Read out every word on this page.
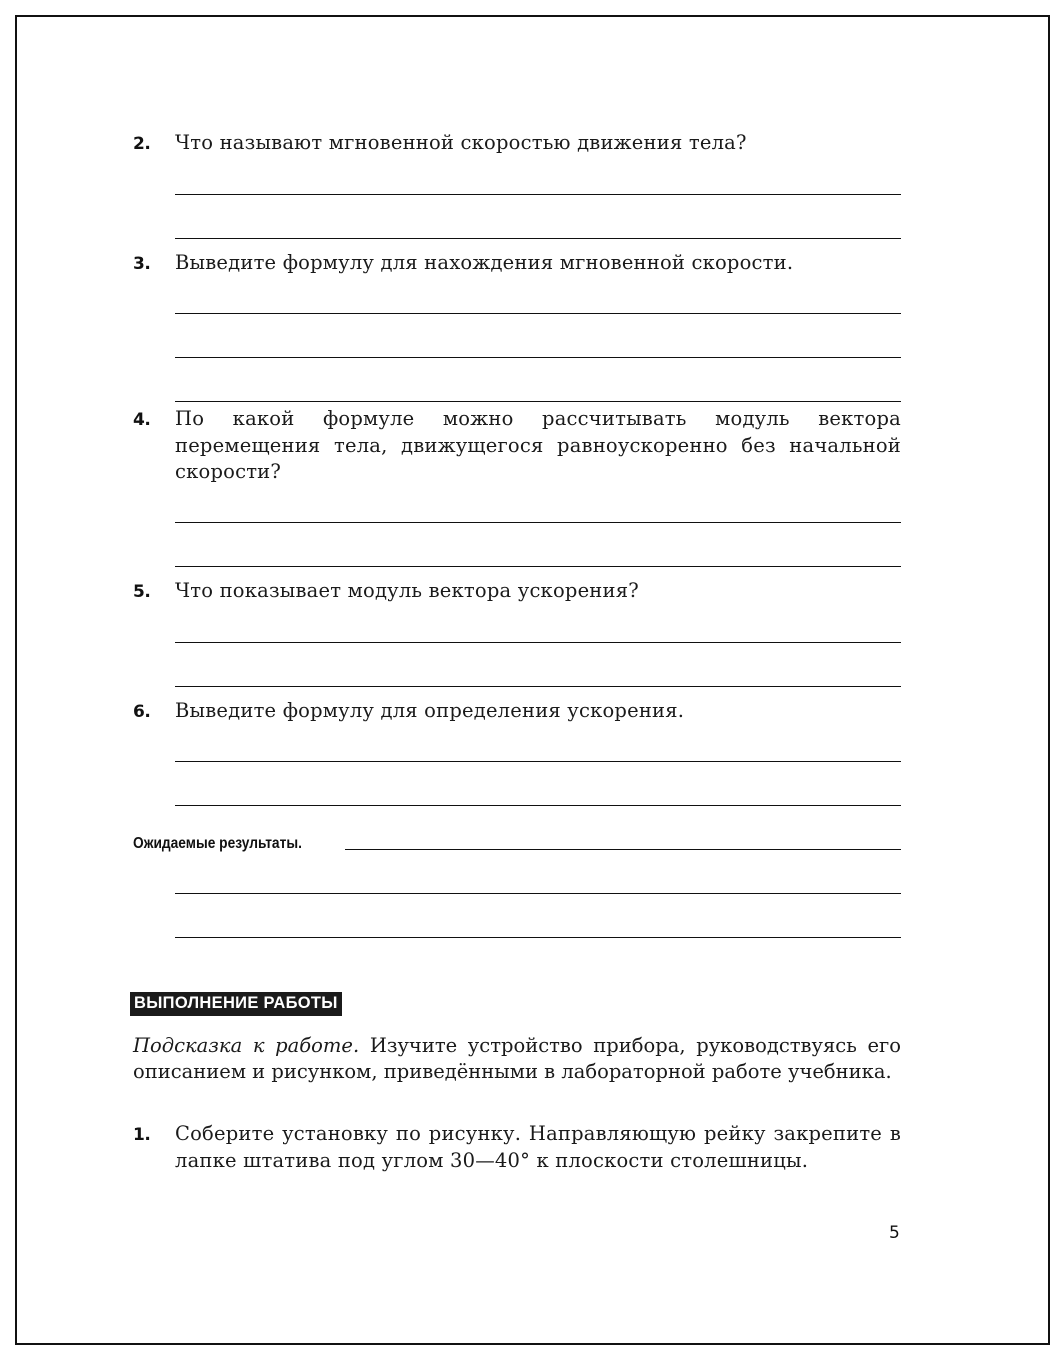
2. Что называют мгновенной скоростью движения тела?
3. Выведите формулу для нахождения мгновенной скорости.
4. По какой формуле можно рассчитывать модуль вектора перемещения тела, движущегося равноускоренно без начальной скорости?
5. Что показывает модуль вектора ускорения?
6. Выведите формулу для определения ускорения.
Ожидаемые результаты.
ВЫПОЛНЕНИЕ РАБОТЫ
Подсказка к работе. Изучите устройство прибора, руководствуясь его описанием и рисунком, приведёнными в лабораторной работе учебника.
1. Соберите установку по рисунку. Направляющую рейку закрепите в лапке штатива под углом 30—40° к плоскости столешницы.
5
